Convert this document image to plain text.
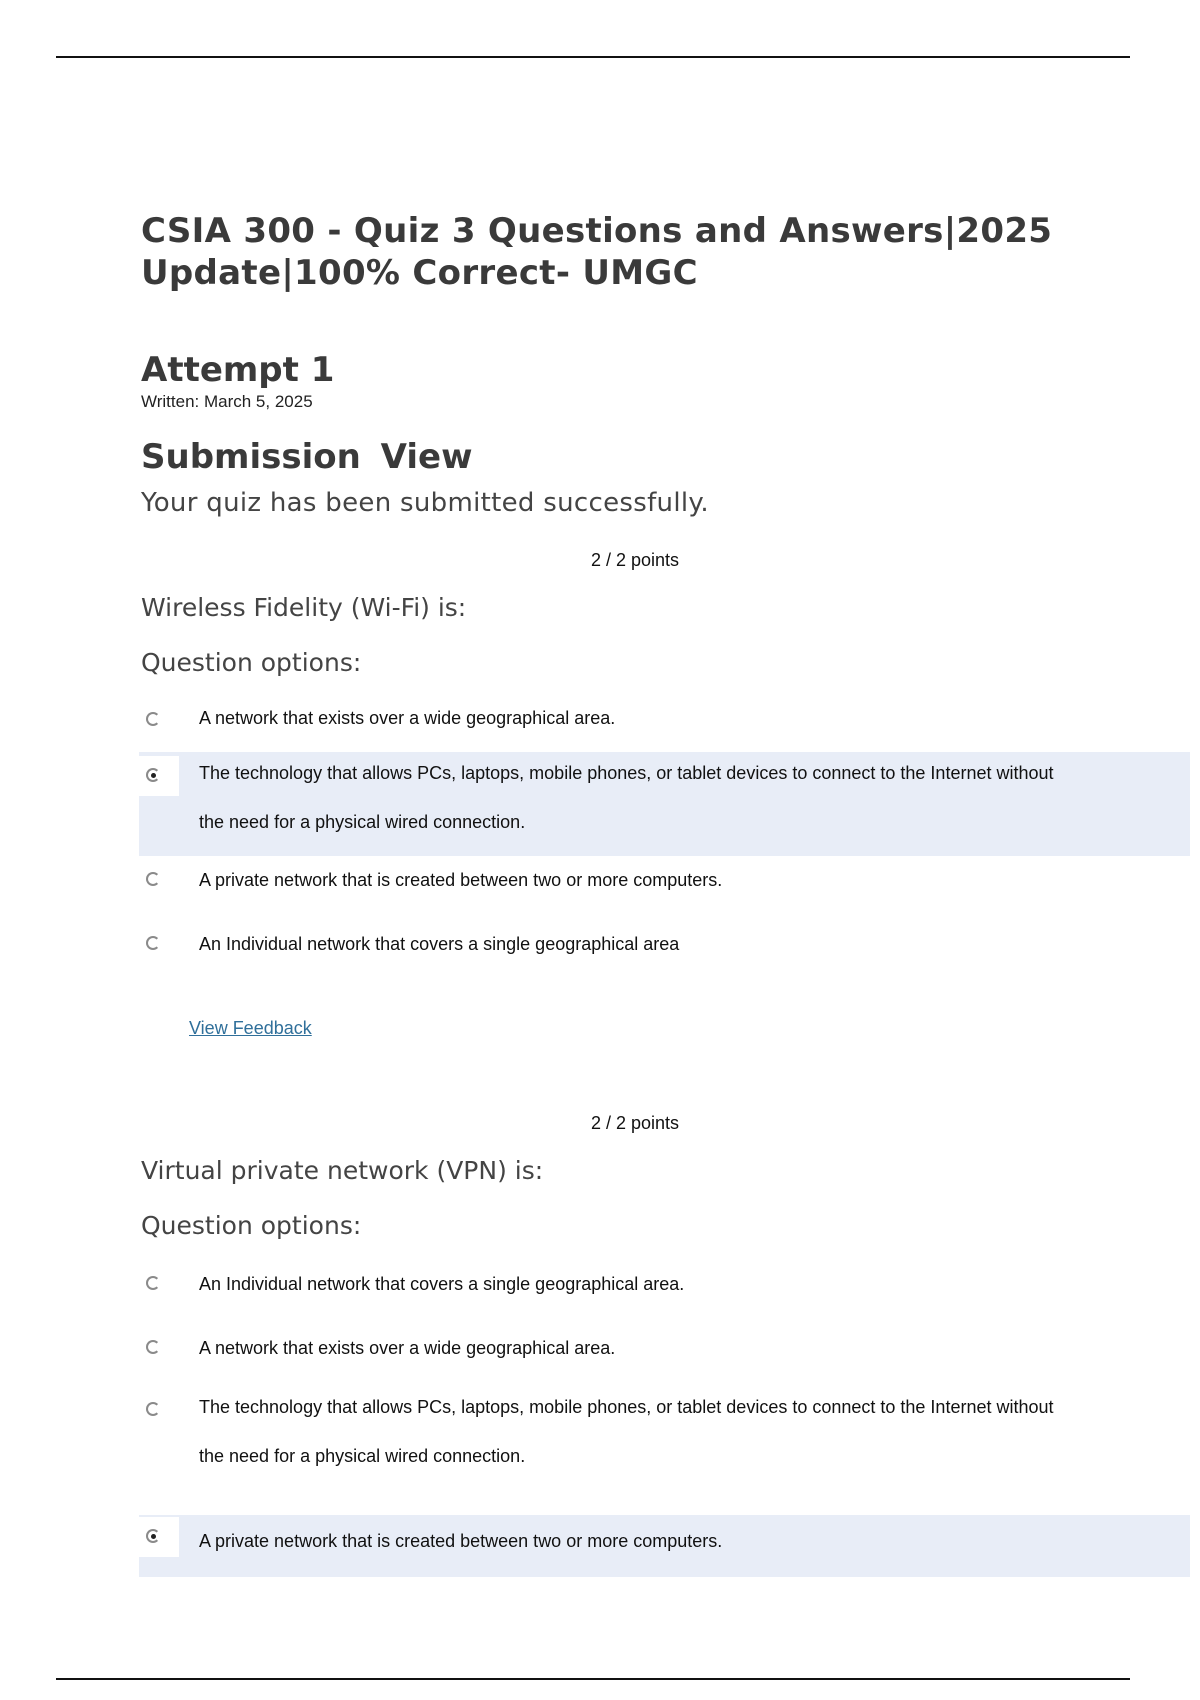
CSIA 300 - Quiz 3 Questions and Answers|2025
Update|100% Correct- UMGC
Attempt 1
Written: March 5, 2025
Submission View
Your quiz has been submitted successfully.
2 / 2 points
Wireless Fidelity (Wi-Fi) is:
Question options:
A network that exists over a wide geographical area.
The technology that allows PCs, laptops, mobile phones, or tablet devices to connect to the Internet without the need for a physical wired connection.
A private network that is created between two or more computers.
An Individual network that covers a single geographical area
View Feedback
2 / 2 points
Virtual private network (VPN) is:
Question options:
An Individual network that covers a single geographical area.
A network that exists over a wide geographical area.
The technology that allows PCs, laptops, mobile phones, or tablet devices to connect to the Internet without the need for a physical wired connection.
A private network that is created between two or more computers.
